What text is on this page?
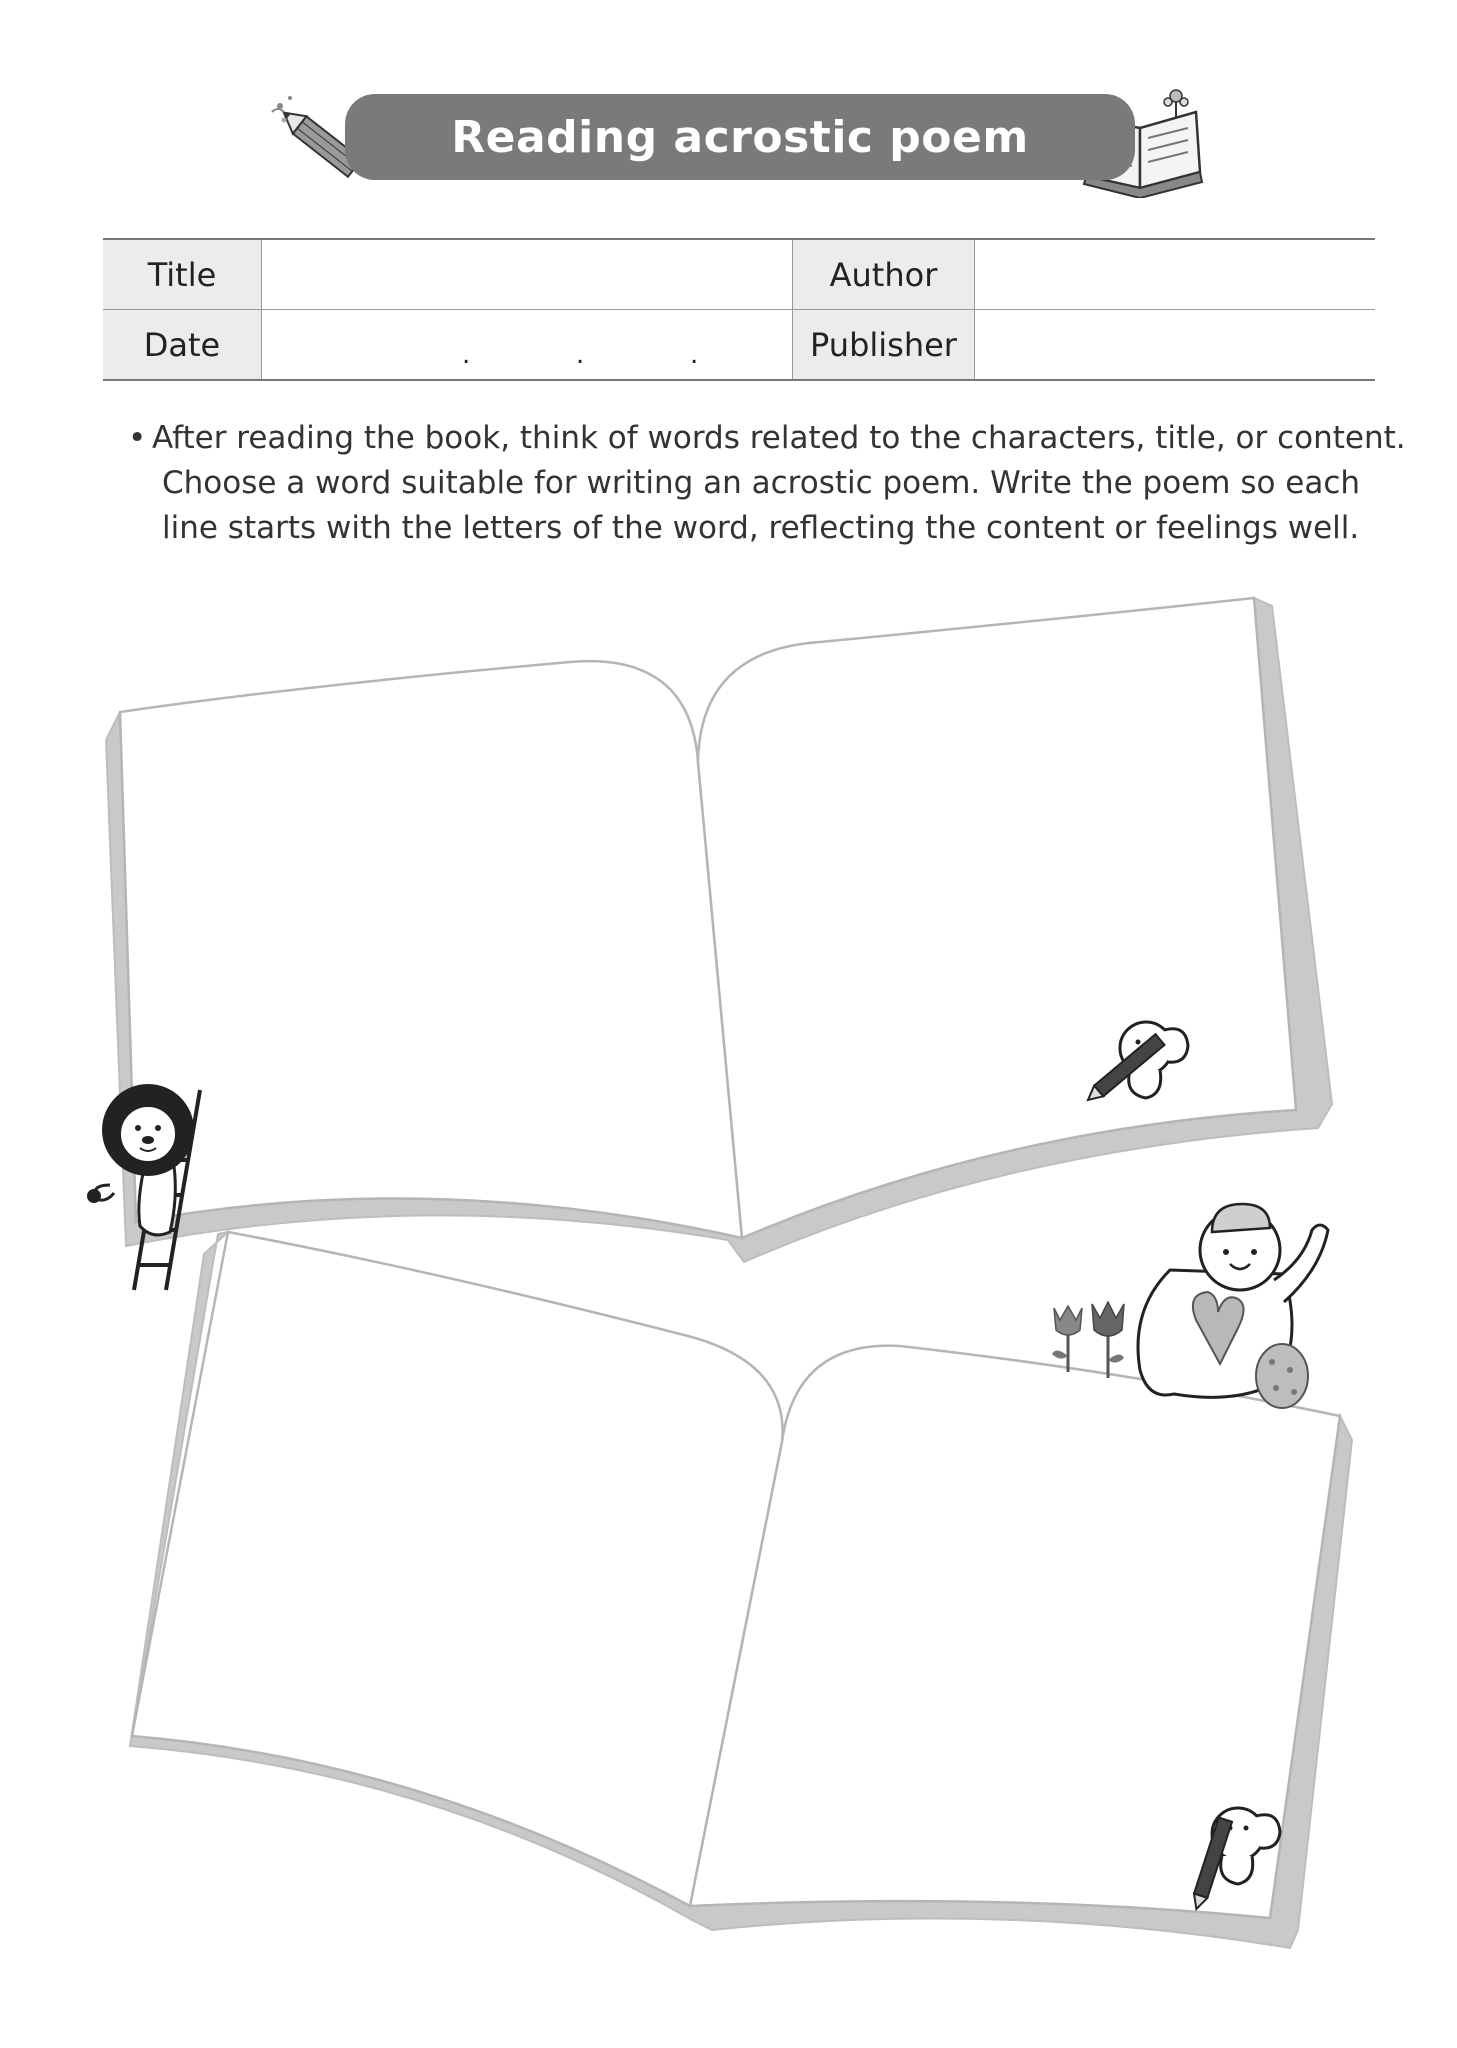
Reading acrostic poem
Title		Author	
Date	. . .	Publisher	
• After reading the book, think of words related to the characters, title, or content.
Choose a word suitable for writing an acrostic poem. Write the poem so each
line starts with the letters of the word, reflecting the content or feelings well.
